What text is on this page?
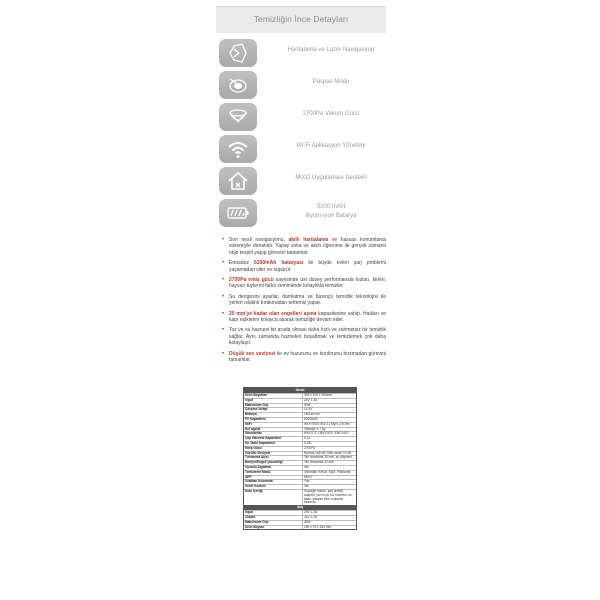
Temizliğin İnce Detayları
Haritalama ve Lazer Navigasyon
Paspas Modu
2700Pa Vakum Gücü
Wi-Fi Aplikasyon Yönetimi
MiXO Uygulaması Destekli
5200 mAH
lityum-iyon Batarya
• Son nesil navigasyonu, akıllı haritalama ve hassas konumlama sistemiyle donatıldı. Yapay zeka ve akıllı öğrenme ile gerçek zamanlı obje tespiti yapıp görevini tamamlar.
• Emsalsiz 5200mAh bataryası ile büyük evleri şarj problemi yaşamadan siler ve süpürür.
• 2700Pa emiş gücü sayesinde üst düzey performansla tozları, kirleri, hayvan tüylerini farklı zeminlerde kolaylıkla temizler.
• Su dengesini ayarlar, damlatma ve basınçlı temizlik teknolojisi ile yerleri ıslaklık bırakmadan tertemiz yapar.
• 20 mm'ye kadar olan engelleri aşma kapasitesine sahip. Halıları ve kapı eşiklerini kolayca aşarak temizliğe devam eder.
• Toz ve su haznesi bir arada olması daha hızlı ve zahmetsiz bir temizlik sağlar. Aynı zamanda hazneleri boşaltmak ve temizlemek çok daha kolaylaşır.
• Düşük ses seviyesi ile ev huzurunu ve konforunu bozmadan görevini tamamlar.
Genel
Ürün Boyutları	349 x 100 x 350mm
Input	24V 1.3A
Maksimum Güç	50W
Çalışma Voltajı	14.4V
Batarya	Lithium-ion
Pil Kapasitesi	5200mAh
WiFi	Wi-Fi IEEE 802.11 b/g/n 2.4GHz
Net ağırlık	Yaklaşık 4.7 kg
Standartlar	EMI FCC 15B/ ISED, EMC/LVD
Çöp Haznesi Kapasitesi	0.3 L
Su Tankı Kapasitesi	0.25L
Emiş Gücü	2700Pa
Gürültü Seviyesi	Normal <65 dB, Max mode 70 dB
Tırmanma Açısı	Tek tırmanma 20 mm, su düşmesi
Bariyer/Engeli yüksekliği	Tek tırmanma 20 mm
Uyumlu Algılama	Var
Temizleme Modu	Otomatik, Kenar, Spot, Planlama
APP	MiXO
Uzaktan Kumanda	Yok
Sesle Kontrol	Var
Kutu İçeriği	Süpürge robotu, şarj ünitesi, adaptör, yan fırça, toz haznesi, su tankı, paspas bezi, kullanım kılavuzu
Şarj
Input	24V 1.2A
Output	24V 1.2A
Maksimum Güç	30W
Ürün Boyutu	150 x 75 x 104 mm
